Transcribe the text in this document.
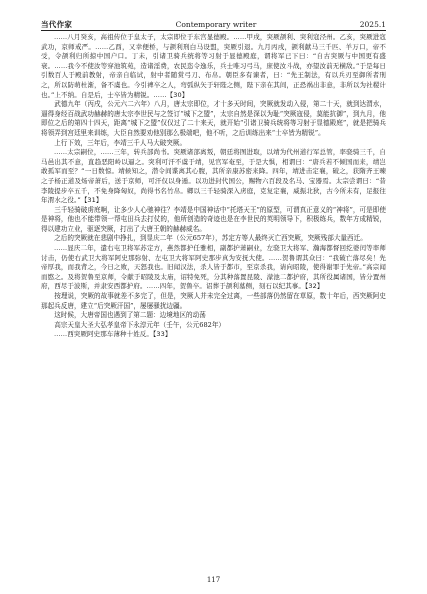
当代作家	Contemporary writer	2025.1

……八月癸亥，高祖传位于皇太子，太宗即位于东宫显德殿。……甲戌，突厥颉利、突利寇泾州。乙亥，突厥进寇武功，京师戒严。……乙酉，又幸便桥，与颉利刑白马设盟，突厥引退。九月丙戌，颉利献马三千匹、羊万口，帝不受，令颉利归所掠中国户口。丁未，引诸卫骑兵统将等习射于显德殿庭，谓将军已下曰：“自古突厥与中国更有盛衰。……我今不使汝等穿池筑苑，造诸淫费，农民恣令逸乐，兵士唯习弓马，庶使汝斗战，亦望汝前无横敌。”于是每日引数百人于殿前教射，帝亲自临试，射中者随赏弓刀、布帛。朝臣多有谏者，曰：“先王制法，有以兵刃至御所者刑之，所以防萌杜渐，备不虞也。今引裨卒之人，弯弧纵矢于轩陛之侧，陛下亲在其间，正恐祸出非意，非所以为社稷计也。”上不纳。自是后，士卒皆为精锐。……【30】

武德九年（丙戌，公元六二六年）八月，唐太宗即位，才十多天时间，突厥就发动入侵，第二十天，就到达渭水，逼得身经百战武功赫赫的唐太宗李世民与之签订“城下之盟”，太宗自然是深以为耻“突厥寇侵，莫能抗御”，到九月，他即位之后的第四十四天，距离“城下之盟”仅仅过了二十来天，就开始“引诸卫骑兵统将等习射于显德殿庭”，就是把骑兵将领弄到宫廷里来训练，大臣自然要劝他别那么极端吧，他不听，之后训练出来“士卒皆为精锐”。

上行下效，三年后，李靖三千人马大破突厥。

……太宗嗣位，……三年，转兵部尚书。突厥诸部离叛，朝廷将图进取，以靖为代州道行军总管，率骁骑三千，自马邑出其不意，直趋恶阳岭以逼之。突利可汗不虞于靖，见官军奄至，于是大惧，相谓曰：“唐兵若不倾国而来，靖岂敢孤军而至？”一日数惊。靖候知之，潜令间谍离其心腹，其所亲康苏密来降。四年，靖进击定襄，破之，获隋齐王暕之子杨正道及炀帝萧后，送于京师，可汗仅以身遁。以功进封代国公，赐物六百段及名马、宝器焉。太宗尝谓曰：“昔李陵提步卒五千，不免身降匈奴，尚得书名竹帛。卿以三千轻骑深入虏庭，克复定襄，威振北狄，古今所未有，足报往年渭水之役。”【31】

三千轻骑破虏庭啊，让多少人心驰神往？李靖是中国神话中“托塔天王”的原型，可谓真正意义的“神将”，可是即使是神将，他也不能带领一帮屯田兵去打仗的，他所创造的奇迹也是在李世民的英明领导下，积极练兵，数年方成精锐，得以建功立业，驱逐突厥，打出了大唐王朝的赫赫威名。

之后的突厥就在悲剧中挣扎，到显庆二年（公元657年），苏定方等人最终灭亡西突厥，突厥残部大量西迁。

……显庆二年，遣右屯卫将军苏定方，燕然都护任雅相，副都护萧嗣业，左骁卫大将军、瀚海都督回纥婆闰等率师讨击，仍使右武卫大将军阿史那弥射、左屯卫大将军阿史那步真为安抚大使。……贺鲁谓其众曰：“我破亡落尽矣！先帝厚我，而我背之，今日之败，天怒我也。旧闻汉法，杀人皆于都市，至京杀我，请向昭陵，使得谢罪于先帝。”高宗闻而愍之。及将贺鲁至京师，令献于昭陵及太庙，诏特免死，分其种落置昆陵、濛池二都护府，其所役属诸国，皆分置州府，西尽于波斯，并隶安西都护府。……四年，贺鲁卒。诏葬于颉利墓侧，刻石以纪其事。【32】

按理说，突厥的故事就差不多完了，但是，突厥人并未完全过离，一些部落仍然留在草原，数十年后，西突厥阿史那起兵反唐，建立“后突厥汗国”，屡屡骚扰边疆。

这时候，大唐帝国也遇到了第二题：边境地区的动荡

高宗天皇大圣大弘孝皇帝下永淳元年（壬午，公元682年）

……西突厥阿史那车薄种十姓反。【33】

117
